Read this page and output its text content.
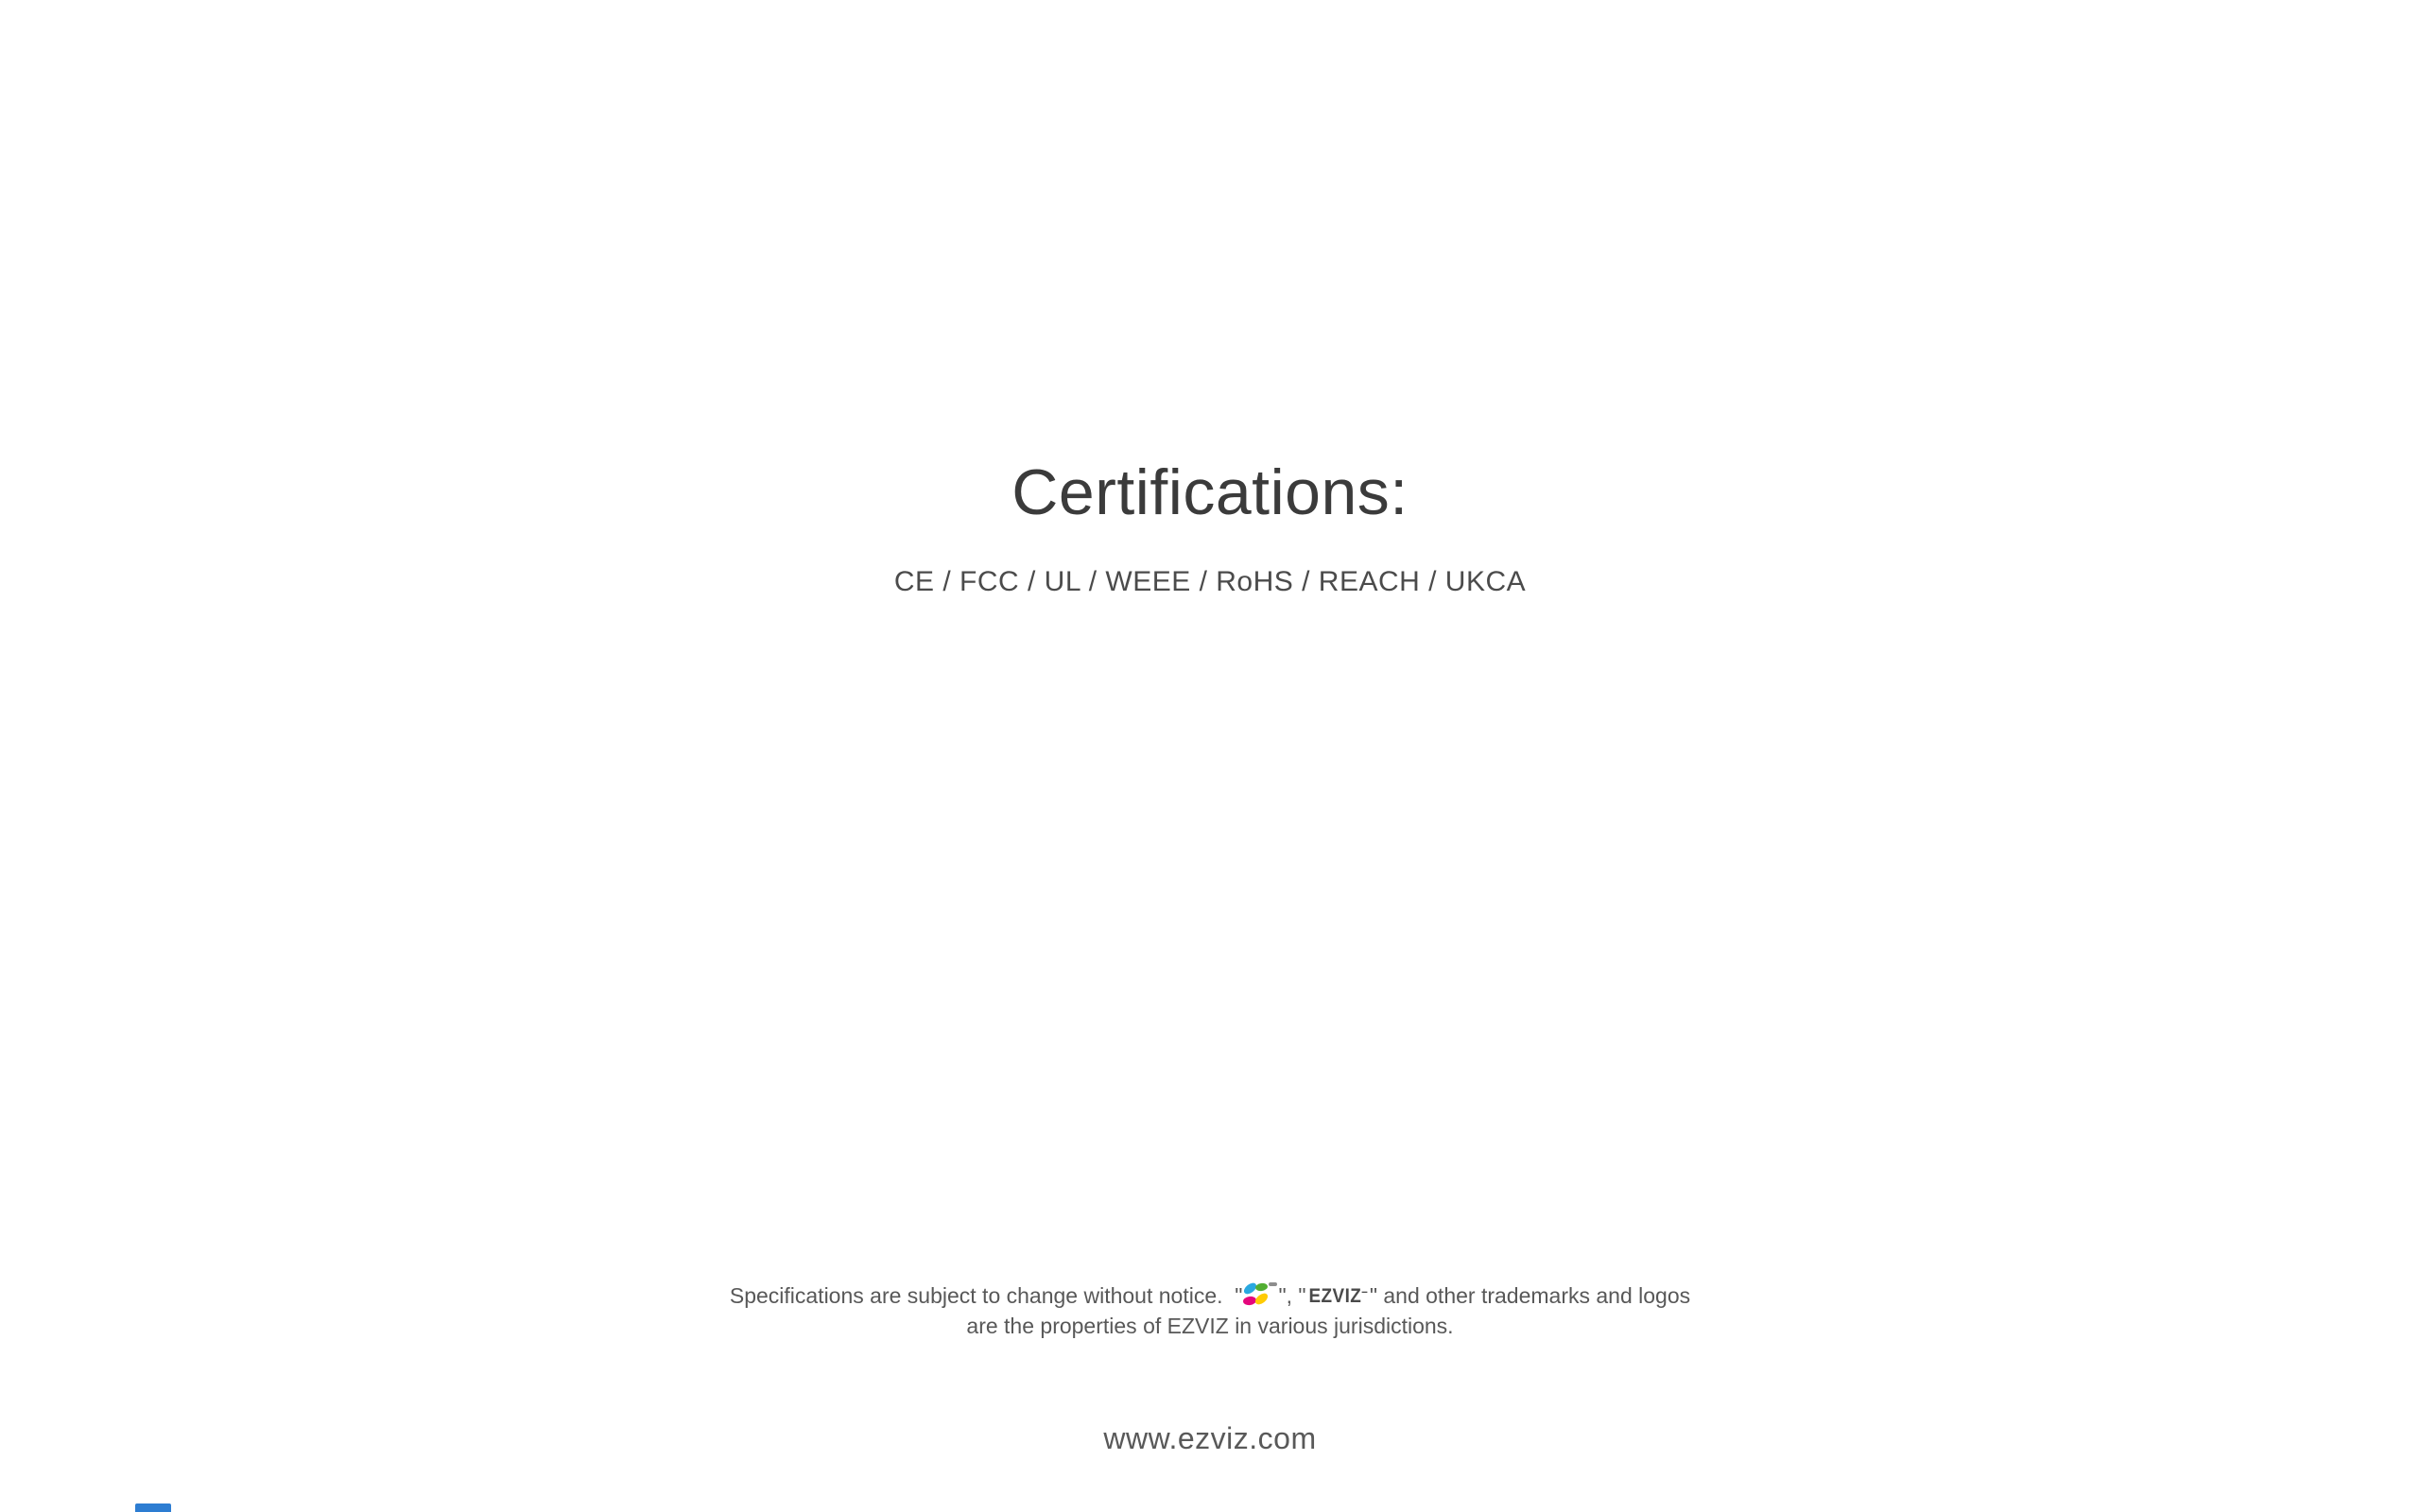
Certifications:

CE / FCC / UL / WEEE / RoHS / REACH / UKCA

Specifications are subject to change without notice.  " ", " EZVIZ– " and other trademarks and logos
are the properties of EZVIZ in various jurisdictions.
www.ezviz.com
